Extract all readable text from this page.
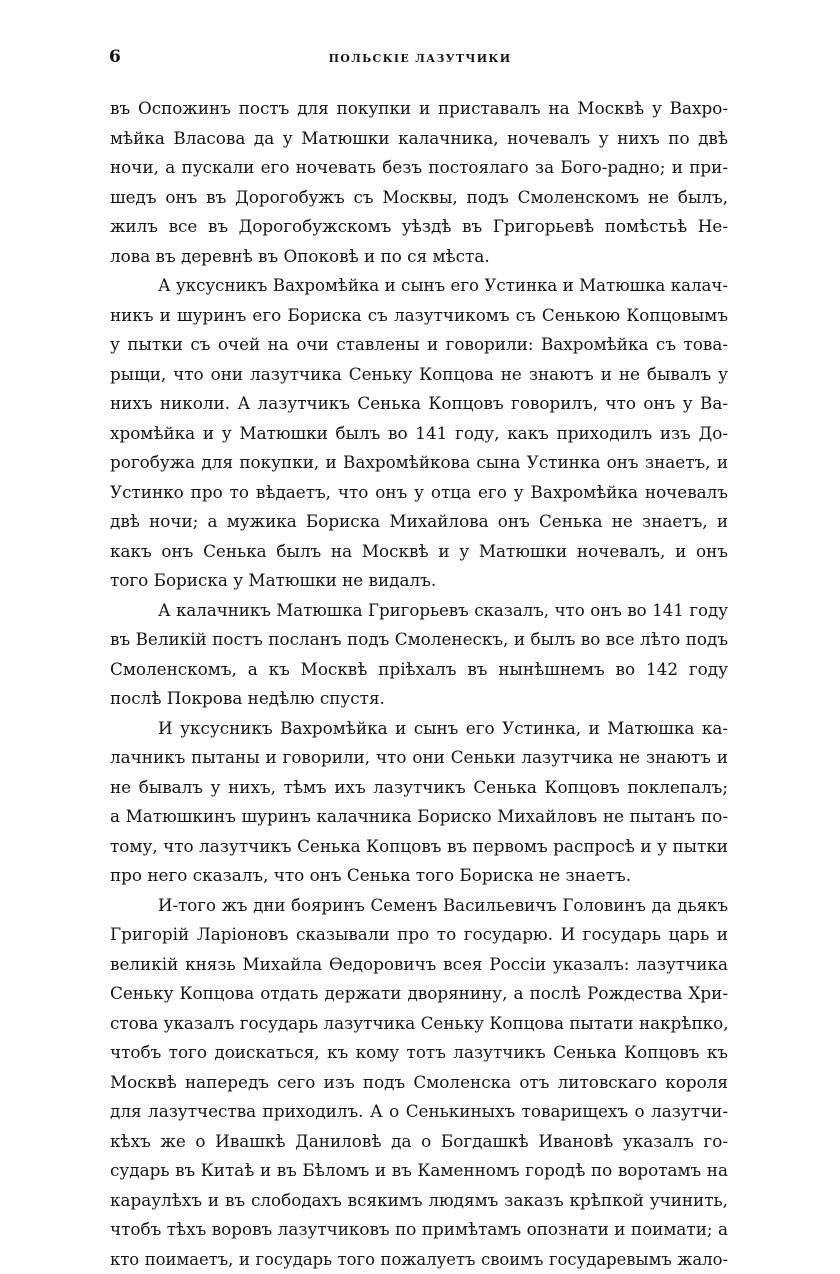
6	ПОЛЬСКІЕ ЛАЗУТЧИКИ
въ Оспожинъ постъ для покупки и приставалъ на Москвѣ у Вахро-
мѣйка Власова да у Матюшки калачника, ночевалъ у нихъ по двѣ
ночи, а пускали его ночевать безъ постоялаго за Бого-радно; и при-
шедъ онъ въ Дорогобужъ съ Москвы, подъ Смоленскомъ не былъ,
жилъ все въ Дорогобужскомъ уѣздѣ въ Григорьевѣ помѣстьѣ Не-
лова въ деревнѣ въ Опоковѣ и по ся мѣста.
А уксусникъ Вахромѣйка и сынъ его Устинка и Матюшка калач-
никъ и шуринъ его Бориска съ лазутчикомъ съ Сенькою Копцовымъ
у пытки съ очей на очи ставлены и говорили: Вахромѣйка съ това-
рыщи, что они лазутчика Сеньку Копцова не знаютъ и не бывалъ у
нихъ николи. А лазутчикъ Сенька Копцовъ говорилъ, что онъ у Ва-
хромѣйка и у Матюшки былъ во 141 году, какъ приходилъ изъ До-
рогобужа для покупки, и Вахромѣйкова сына Устинка онъ знаетъ, и
Устинко про то вѣдаетъ, что онъ у отца его у Вахромѣйка ночевалъ
двѣ ночи; а мужика Бориска Михайлова онъ Сенька не знаетъ, и
какъ онъ Сенька былъ на Москвѣ и у Матюшки ночевалъ, и онъ
того Бориска у Матюшки не видалъ.
А калачникъ Матюшка Григорьевъ сказалъ, что онъ во 141 году
въ Великій постъ посланъ подъ Смоленескъ, и былъ во все лѣто подъ
Смоленскомъ, а къ Москвѣ пріѣхалъ въ нынѣшнемъ во 142 году
послѣ Покрова недѣлю спустя.
И уксусникъ Вахромѣйка и сынъ его Устинка, и Матюшка ка-
лачникъ пытаны и говорили, что они Сеньки лазутчика не знаютъ и
не бывалъ у нихъ, тѣмъ ихъ лазутчикъ Сенька Копцовъ поклепалъ;
а Матюшкинъ шуринъ калачника Бориско Михайловъ не пытанъ по-
тому, что лазутчикъ Сенька Копцовъ въ первомъ распросѣ и у пытки
про него сказалъ, что онъ Сенька того Бориска не знаетъ.
И-того жъ дни бояринъ Семенъ Васильевичъ Головинъ да дьякъ
Григорій Ларіоновъ сказывали про то государю. И государь царь и
великій князь Михайла Ѳедоровичъ всея Россіи указалъ: лазутчика
Сеньку Копцова отдать держати дворянину, а послѣ Рождества Хри-
стова указалъ государь лазутчика Сеньку Копцова пытати накрѣпко,
чтобъ того доискаться, къ кому тотъ лазутчикъ Сенька Копцовъ къ
Москвѣ напередъ сего изъ подъ Смоленска отъ литовскаго короля
для лазутчества приходилъ. А о Сенькиныхъ товарищехъ о лазутчи-
кѣхъ же о Ивашкѣ Даниловѣ да о Богдашкѣ Ивановѣ указалъ го-
сударь въ Китаѣ и въ Бѣломъ и въ Каменномъ городѣ по воротамъ на
караулѣхъ и въ слободахъ всякимъ людямъ заказъ крѣпкой учинить,
чтобъ тѣхъ воровъ лазутчиковъ по примѣтамъ опознати и поимати; а
кто поимаетъ, и государь того пожалуетъ своимъ государевымъ жало-
